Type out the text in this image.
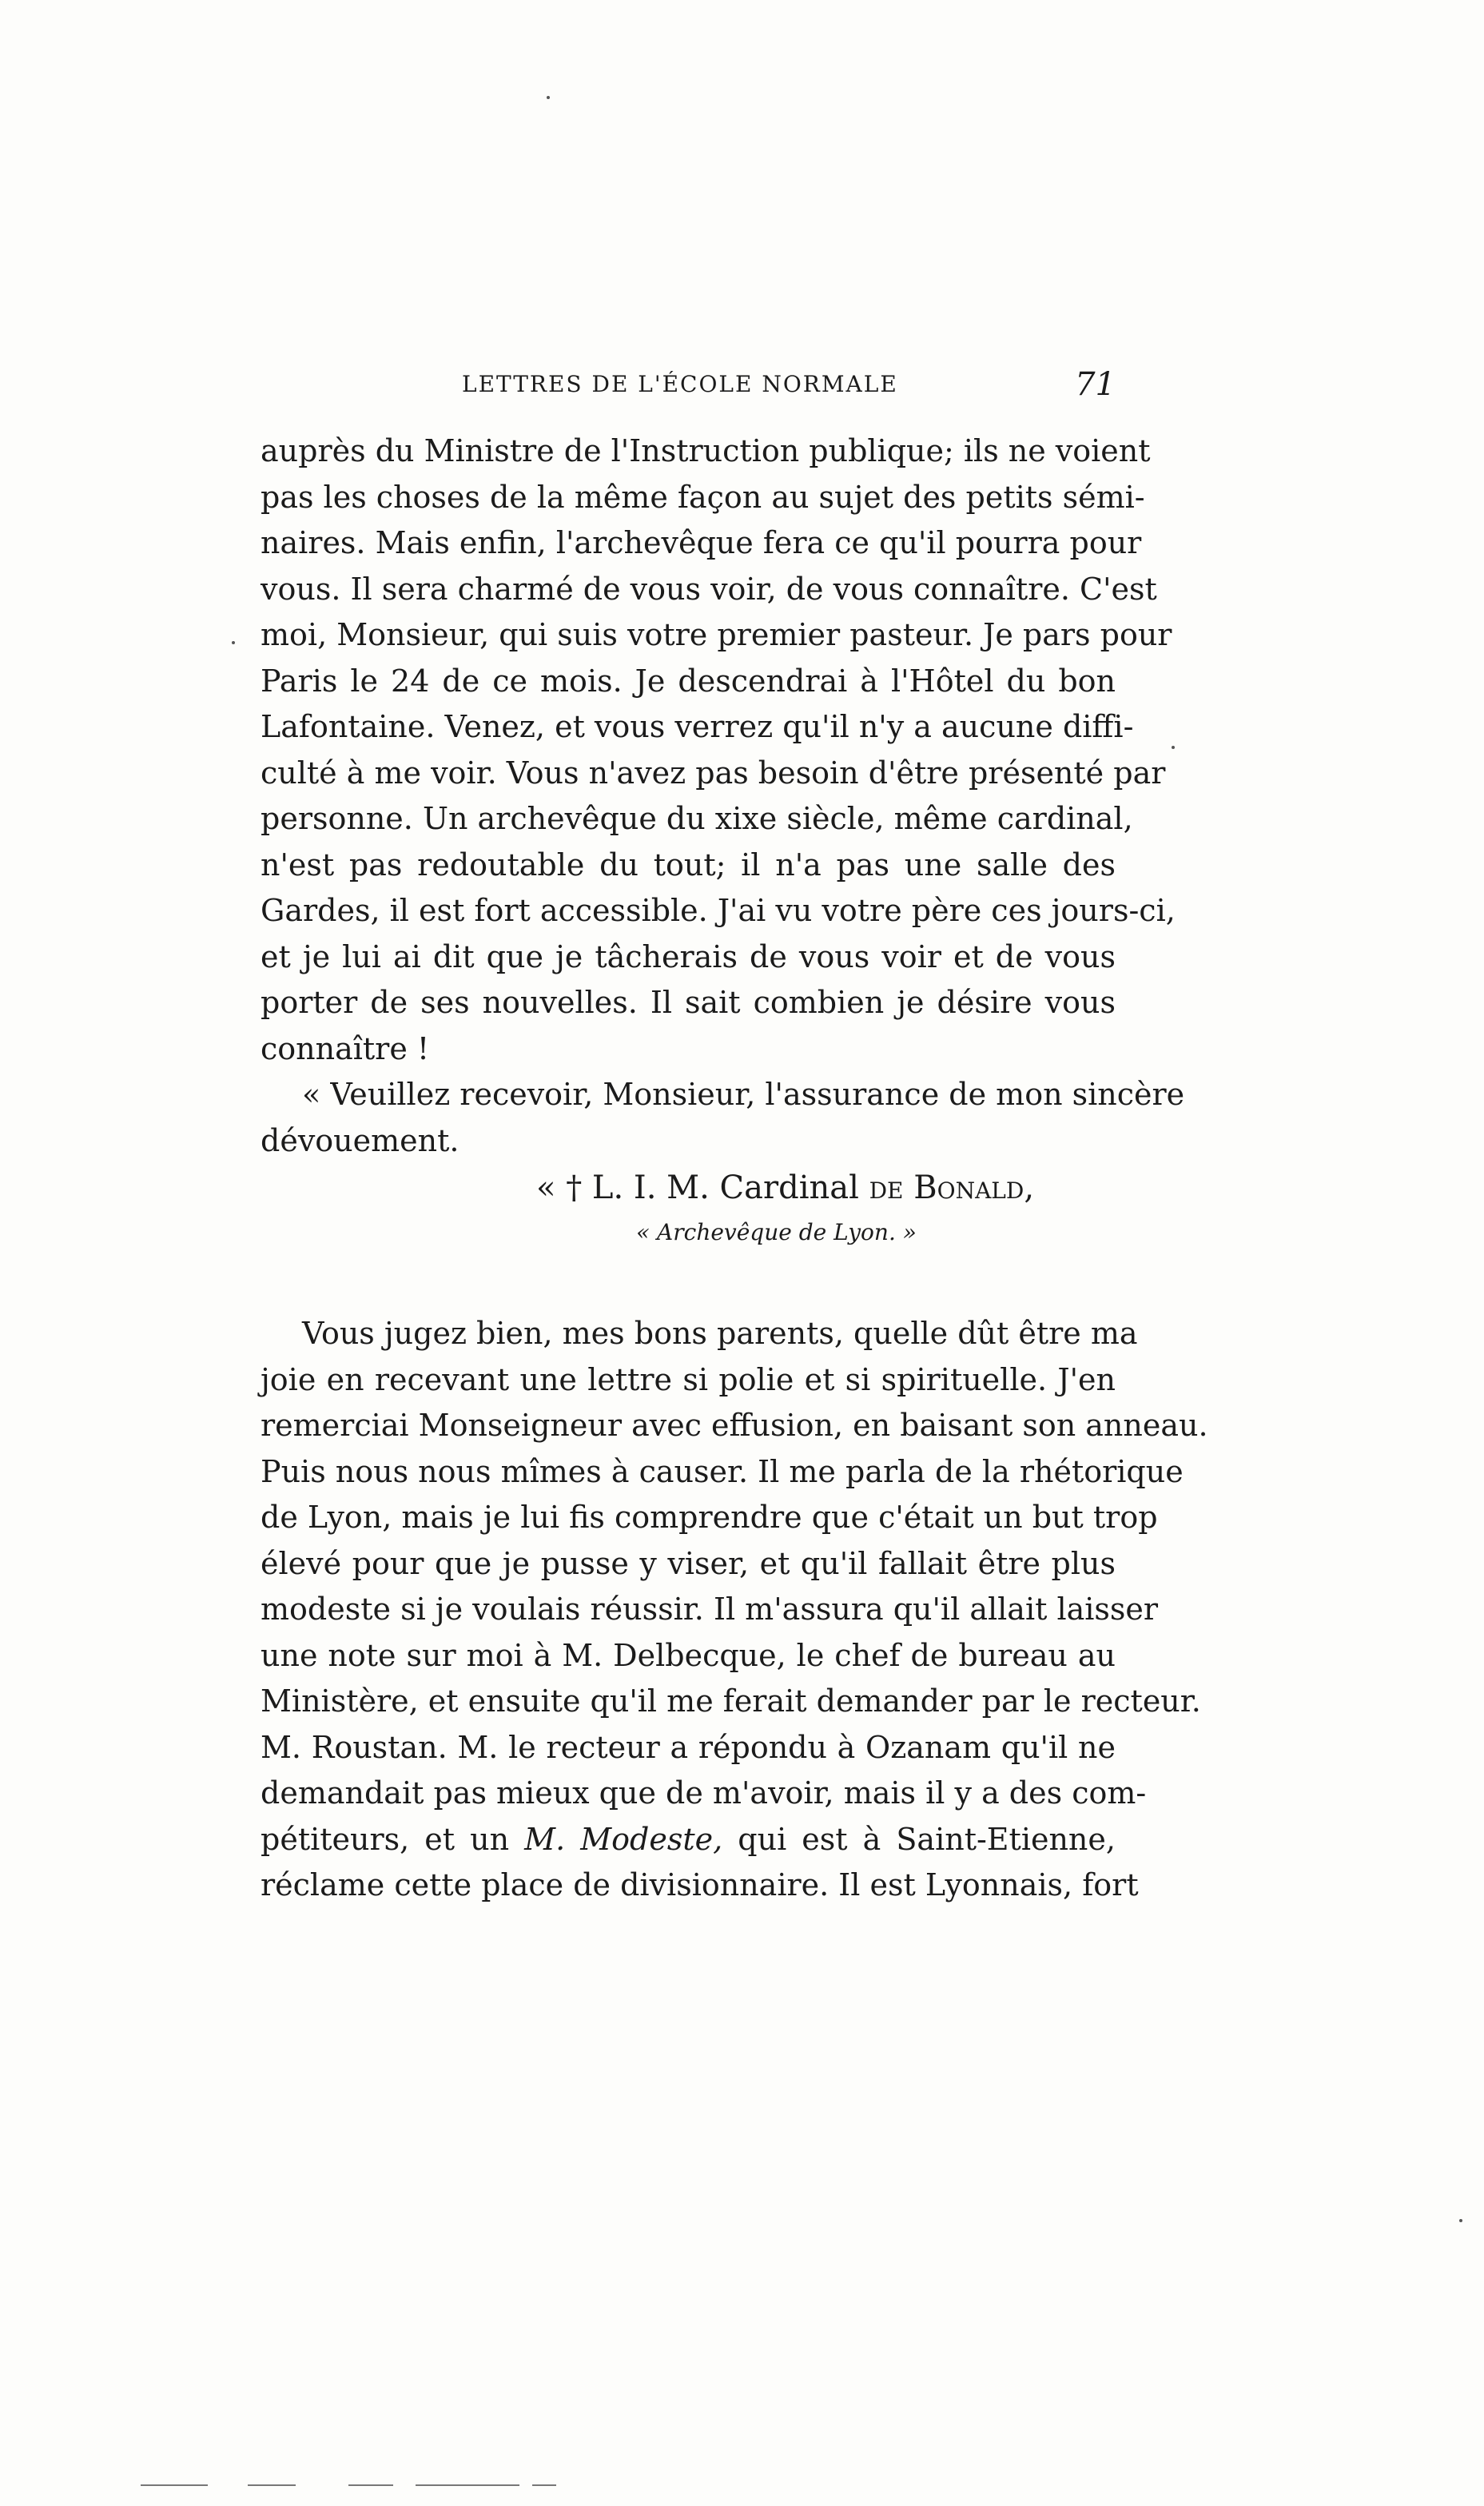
LETTRES DE L'ÉCOLE NORMALE	71
auprès du Ministre de l'Instruction publique; ils ne voient
pas les choses de la même façon au sujet des petits sémi-
naires. Mais enfin, l'archevêque fera ce qu'il pourra pour
vous. Il sera charmé de vous voir, de vous connaître. C'est
moi, Monsieur, qui suis votre premier pasteur. Je pars pour
Paris le 24 de ce mois. Je descendrai à l'Hôtel du bon
Lafontaine. Venez, et vous verrez qu'il n'y a aucune diffi-
culté à me voir. Vous n'avez pas besoin d'être présenté par
personne. Un archevêque du xixe siècle, même cardinal,
n'est pas redoutable du tout; il n'a pas une salle des
Gardes, il est fort accessible. J'ai vu votre père ces jours-ci,
et je lui ai dit que je tâcherais de vous voir et de vous
porter de ses nouvelles. Il sait combien je désire vous
connaître !
« Veuillez recevoir, Monsieur, l'assurance de mon sincère
dévouement.
« † L. I. M. Cardinal de Bonald,
« Archevêque de Lyon. »
Vous jugez bien, mes bons parents, quelle dût être ma
joie en recevant une lettre si polie et si spirituelle. J'en
remerciai Monseigneur avec effusion, en baisant son anneau.
Puis nous nous mîmes à causer. Il me parla de la rhétorique
de Lyon, mais je lui fis comprendre que c'était un but trop
élevé pour que je pusse y viser, et qu'il fallait être plus
modeste si je voulais réussir. Il m'assura qu'il allait laisser
une note sur moi à M. Delbecque, le chef de bureau au
Ministère, et ensuite qu'il me ferait demander par le recteur.
M. Roustan. M. le recteur a répondu à Ozanam qu'il ne
demandait pas mieux que de m'avoir, mais il y a des com-
pétiteurs, et un M. Modeste, qui est à Saint-Etienne,
réclame cette place de divisionnaire. Il est Lyonnais, fort
